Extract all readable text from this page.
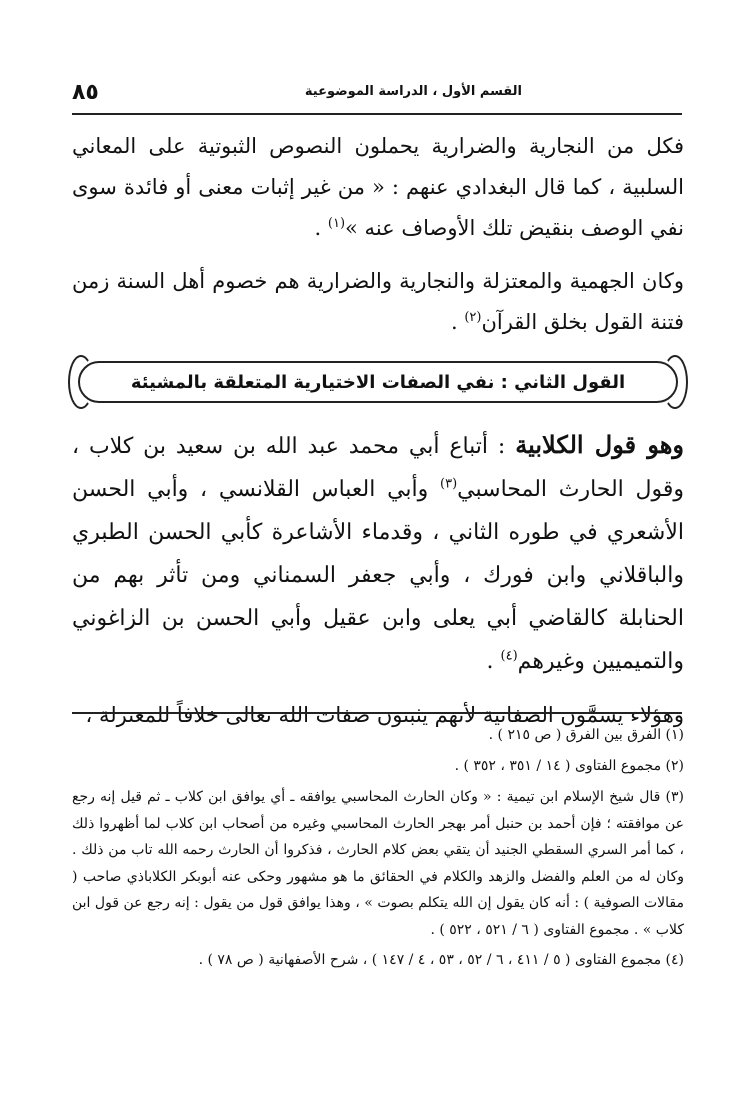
القسم الأول ، الدراسة الموضوعية
٨٥

فكل من النجارية والضرارية يحملون النصوص الثبوتية على المعاني السلبية ، كما قال البغدادي عنهم : « من غير إثبات معنى أو فائدة سوى نفي الوصف بنقيض تلك الأوصاف عنه »$^{(١)}$ .

وكان الجهمية والمعتزلة والنجارية والضرارية هم خصوم أهل السنة زمن فتنة القول بخلق القرآن$^{(٢)}$ .

القول الثاني : نفي الصفات الاختيارية المتعلقة بالمشيئة

وهو قول الكلابية : أتباع أبي محمد عبد الله بن سعيد بن كلاب ، وقول الحارث المحاسبي$^{(٣)}$ وأبي العباس القلانسي ، وأبي الحسن الأشعري في طوره الثاني ، وقدماء الأشاعرة كأبي الحسن الطبري والباقلاني وابن فورك ، وأبي جعفر السمناني ومن تأثر بهم من الحنابلة كالقاضي أبي يعلى وابن عقيل وأبي الحسن بن الزاغوني والتميميين وغيرهم$^{(٤)}$ .

وهؤلاء يسمَّون الصفاتية لأنهم يثبتون صفات الله تعالى خلافاً للمعتزلة ،

(١) الفرق بين الفرق ( ص ٢١٥ ) .

(٢) مجموع الفتاوى ( ١٤ / ٣٥١ ، ٣٥٢ ) .

(٣) قال شيخ الإسلام ابن تيمية : « وكان الحارث المحاسبي يوافقه ـ أي يوافق ابن كلاب ـ ثم قيل إنه رجع عن موافقته ؛ فإن أحمد بن حنبل أمر بهجر الحارث المحاسبي وغيره من أصحاب ابن كلاب لما أظهروا ذلك ، كما أمر السري السقطي الجنيد أن يتقي بعض كلام الحارث ، فذكروا أن الحارث رحمه الله تاب من ذلك . وكان له من العلم والفضل والزهد والكلام في الحقائق ما هو مشهور وحكى عنه أبوبكر الكلاباذي صاحب ( مقالات الصوفية ) : أنه كان يقول إن الله يتكلم بصوت » ، وهذا يوافق قول من يقول : إنه رجع عن قول ابن كلاب » . مجموع الفتاوى ( ٦ / ٥٢١ ، ٥٢٢ ) .

(٤) مجموع الفتاوى ( ٥ / ٤١١ ، ٦ / ٥٢ ، ٥٣ ، ٤ / ١٤٧ ) ، شرح الأصفهانية ( ص ٧٨ ) .
